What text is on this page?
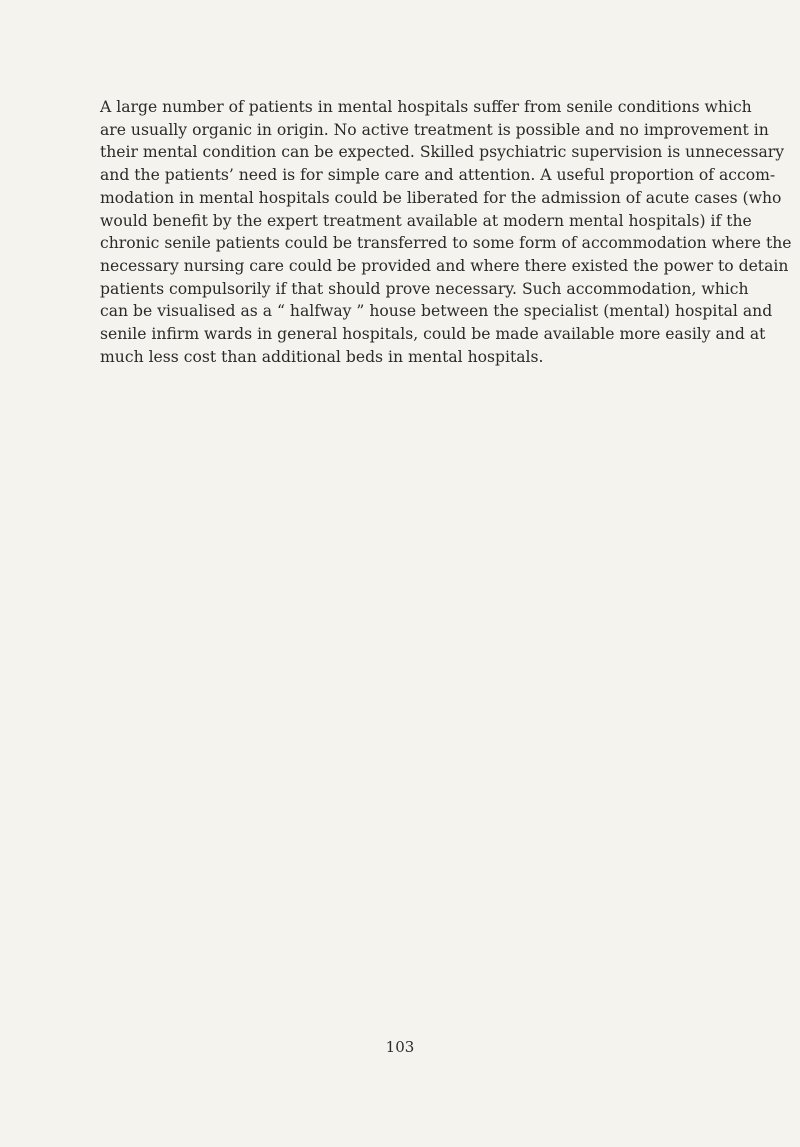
A large number of patients in mental hospitals suffer from senile conditions which
are usually organic in origin. No active treatment is possible and no improvement in
their mental condition can be expected. Skilled psychiatric supervision is unnecessary
and the patients’ need is for simple care and attention. A useful proportion of accom-
modation in mental hospitals could be liberated for the admission of acute cases (who
would benefit by the expert treatment available at modern mental hospitals) if the
chronic senile patients could be transferred to some form of accommodation where the
necessary nursing care could be provided and where there existed the power to detain
patients compulsorily if that should prove necessary. Such accommodation, which
can be visualised as a “ halfway ” house between the specialist (mental) hospital and
senile infirm wards in general hospitals, could be made available more easily and at
much less cost than additional beds in mental hospitals.

103
